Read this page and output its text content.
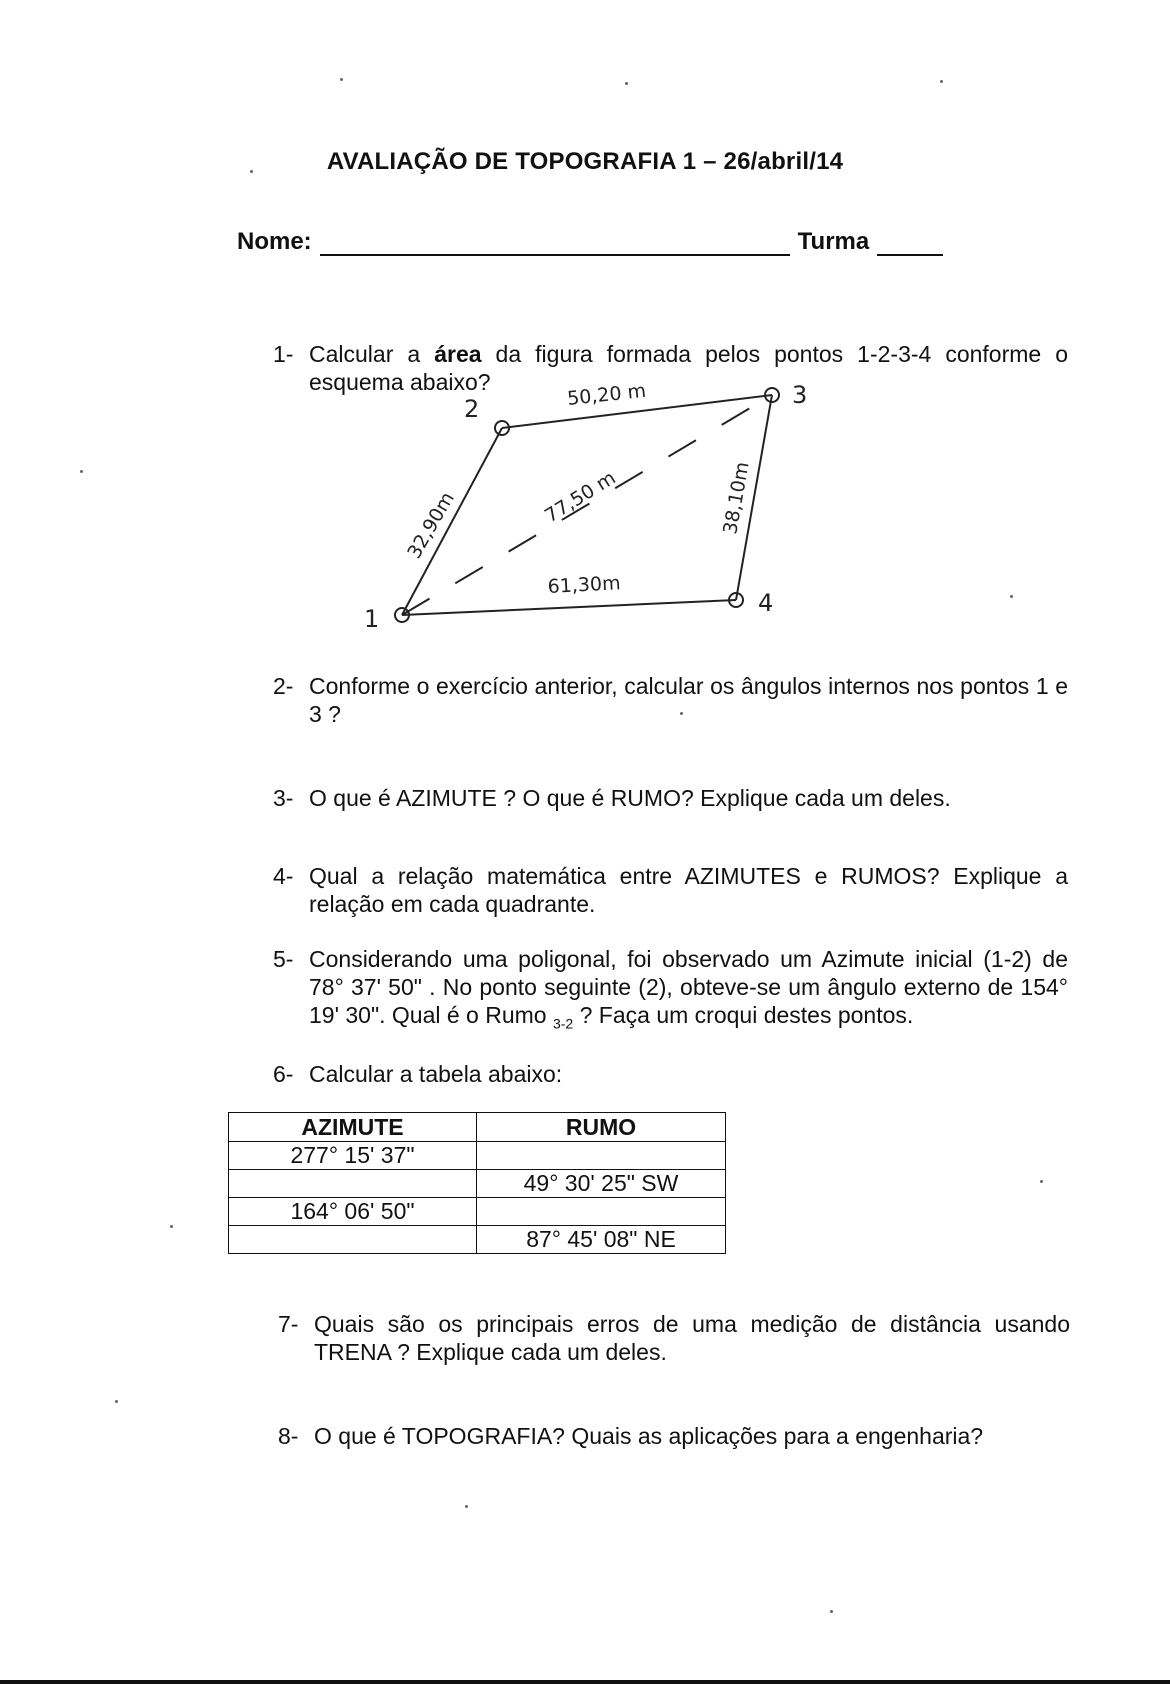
AVALIAÇÃO DE TOPOGRAFIA 1 – 26/abril/14
Nome:	Turma
1- Calcular a área da figura formada pelos pontos 1-2-3-4 conforme o esquema abaixo?
1
2	3
4
32,90m
50,20 m
38,10m
61,30m
77,50 m
2- Conforme o exercício anterior, calcular os ângulos internos nos pontos 1 e 3 ?
3- O que é AZIMUTE ? O que é RUMO? Explique cada um deles.
4- Qual a relação matemática entre AZIMUTES e RUMOS? Explique a relação em cada quadrante.
5- Considerando uma poligonal, foi observado um Azimute inicial (1-2) de 78° 37' 50" . No ponto seguinte (2), obteve-se um ângulo externo de 154° 19' 30". Qual é o Rumo $_{3-2}$ ? Faça um croqui destes pontos.
6- Calcular a tabela abaixo:
AZIMUTE	RUMO
277° 15' 37"	
	49° 30' 25" SW
164° 06' 50"	
	87° 45' 08" NE
7- Quais são os principais erros de uma medição de distância usando TRENA ? Explique cada um deles.
8- O que é TOPOGRAFIA? Quais as aplicações para a engenharia?
